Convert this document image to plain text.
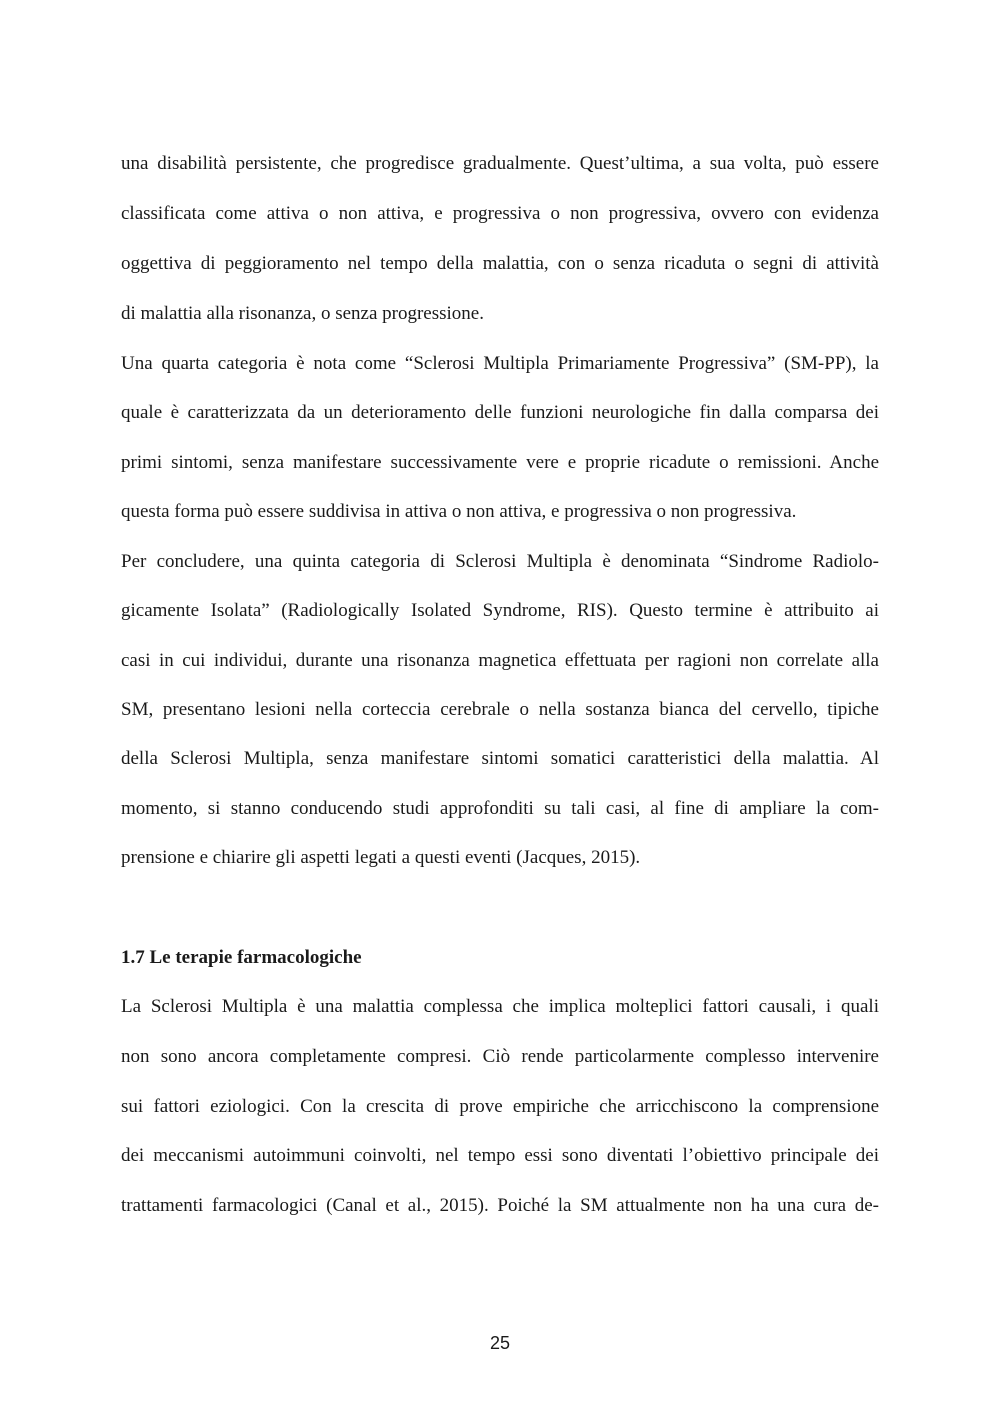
una disabilità persistente, che progredisce gradualmente. Quest’ultima, a sua volta, può essere
classificata come attiva o non attiva, e progressiva o non progressiva, ovvero con evidenza
oggettiva di peggioramento nel tempo della malattia, con o senza ricaduta o segni di attività
di malattia alla risonanza, o senza progressione.
Una quarta categoria è nota come “Sclerosi Multipla Primariamente Progressiva” (SM-PP), la
quale è caratterizzata da un deterioramento delle funzioni neurologiche fin dalla comparsa dei
primi sintomi, senza manifestare successivamente vere e proprie ricadute o remissioni. Anche
questa forma può essere suddivisa in attiva o non attiva, e progressiva o non progressiva.
Per concludere, una quinta categoria di Sclerosi Multipla è denominata “Sindrome Radiolo-
gicamente Isolata” (Radiologically Isolated Syndrome, RIS). Questo termine è attribuito ai
casi in cui individui, durante una risonanza magnetica effettuata per ragioni non correlate alla
SM, presentano lesioni nella corteccia cerebrale o nella sostanza bianca del cervello, tipiche
della Sclerosi Multipla, senza manifestare sintomi somatici caratteristici della malattia. Al
momento, si stanno conducendo studi approfonditi su tali casi, al fine di ampliare la com-
prensione e chiarire gli aspetti legati a questi eventi (Jacques, 2015).
1.7 Le terapie farmacologiche
La Sclerosi Multipla è una malattia complessa che implica molteplici fattori causali, i quali
non sono ancora completamente compresi. Ciò rende particolarmente complesso intervenire
sui fattori eziologici. Con la crescita di prove empiriche che arricchiscono la comprensione
dei meccanismi autoimmuni coinvolti, nel tempo essi sono diventati l’obiettivo principale dei
trattamenti farmacologici (Canal et al., 2015). Poiché la SM attualmente non ha una cura de-
25
